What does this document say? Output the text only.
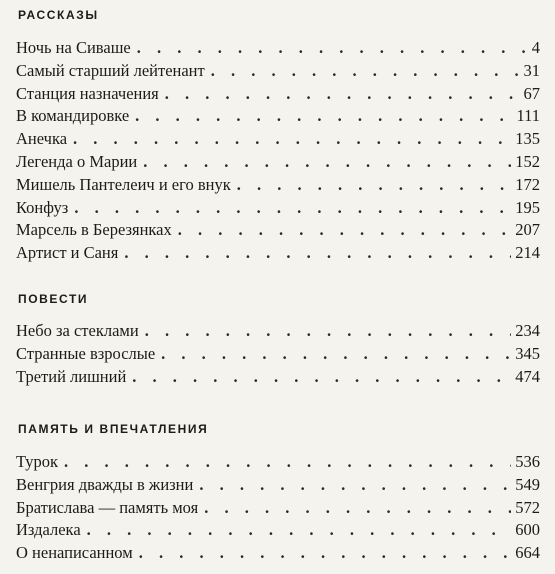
РАССКАЗЫ
Ночь на Сиваше . . .	4
Самый старший лейтенант . . .	31
Станция назначения . . .	67
В командировке . . .	111
Анечка . . .	135
Легенда о Марии . . .	152
Мишель Пантелеич и его внук . . .	172
Конфуз . . .	195
Марсель в Березянках . . .	207
Артист и Саня . . .	214
ПОВЕСТИ
Небо за стеклами . . .	234
Странные взрослые . . .	345
Третий лишний . . .	474
ПАМЯТЬ И ВПЕЧАТЛЕНИЯ
Турок . . .	536
Венгрия дважды в жизни . . .	549
Братислава — память моя . . .	572
Издалека . . .	600
О ненаписанном . . .	664
